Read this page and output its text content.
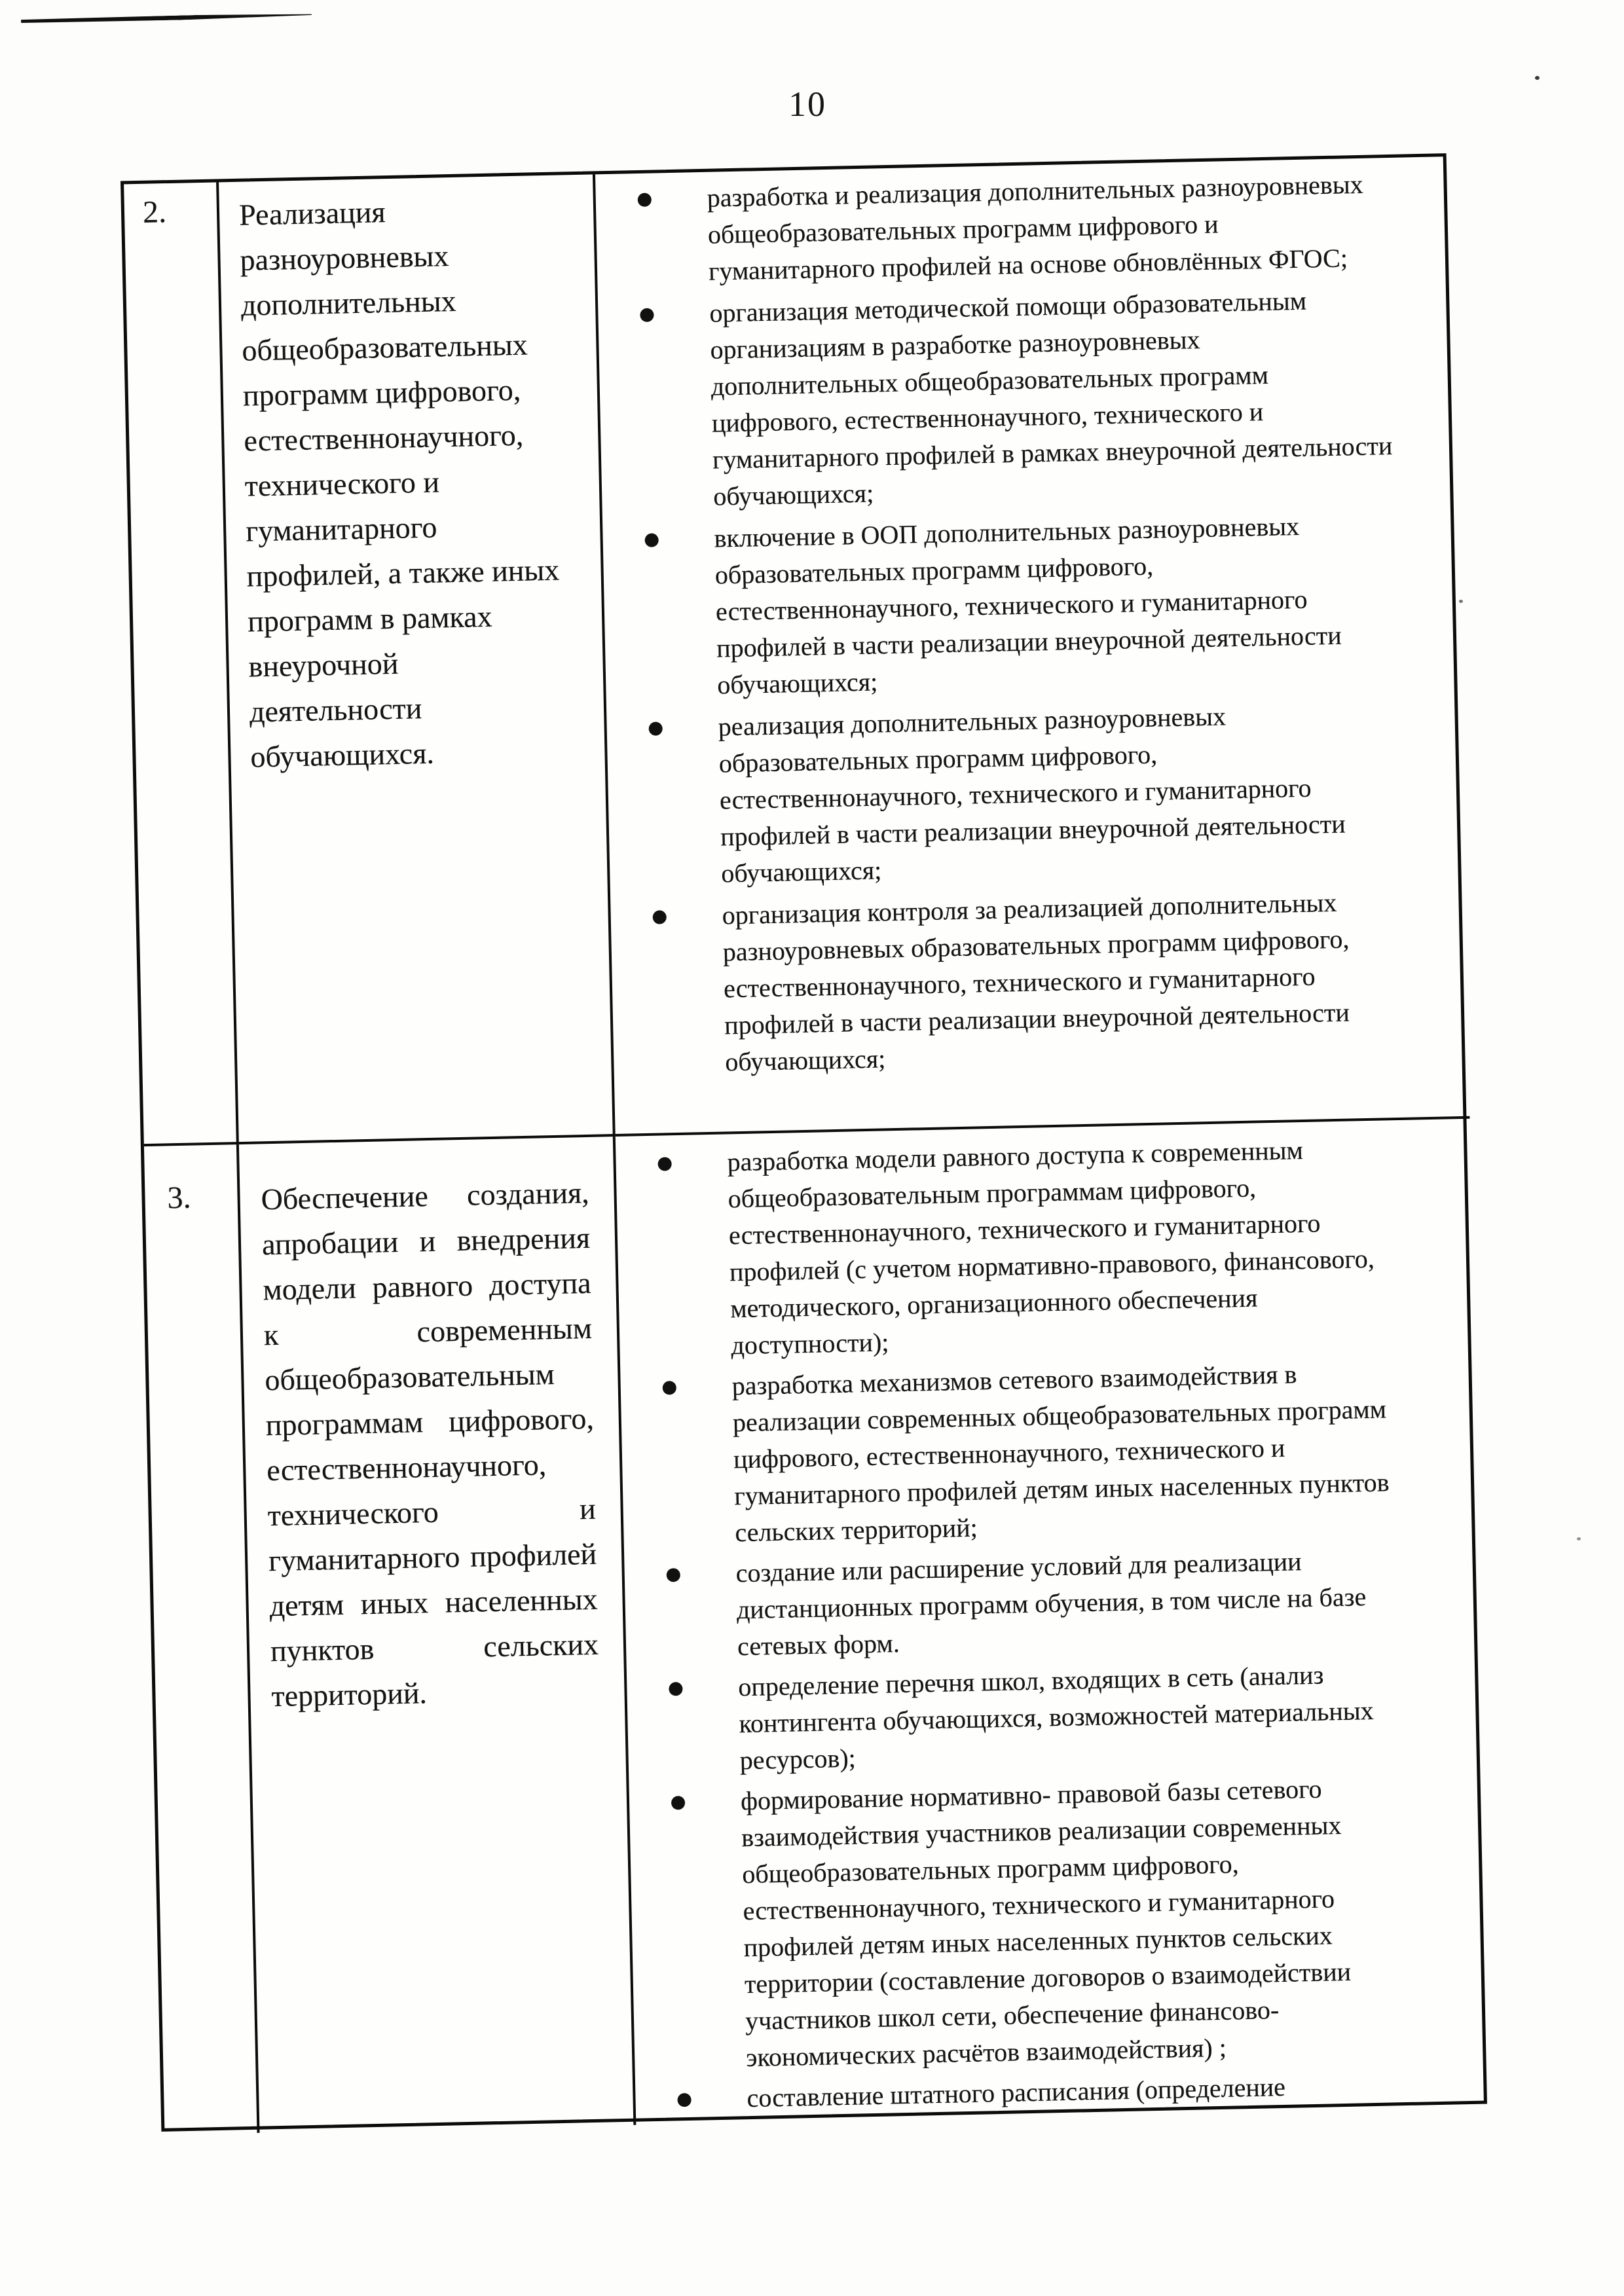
10
2.	Реализация разноуровневых дополнительных общеобразовательных программ цифрового, естественнонаучного, технического и гуманитарного профилей, а также иных программ в рамках внеурочной деятельности обучающихся.

разработка и реализация дополнительных разноуровневых общеобразовательных программ цифрового и гуманитарного профилей на основе обновлённых ФГОС;
организация методической помощи образовательным организациям в разработке разноуровневых дополнительных общеобразовательных программ цифрового, естественнонаучного, технического и гуманитарного профилей в рамках внеурочной деятельности обучающихся;
включение в ООП дополнительных разноуровневых образовательных программ цифрового, естественнонаучного, технического и гуманитарного профилей в части реализации внеурочной деятельности обучающихся;
реализация дополнительных разноуровневых образовательных программ цифрового, естественнонаучного, технического и гуманитарного профилей в части реализации внеурочной деятельности обучающихся;
организация контроля за реализацией дополнительных разноуровневых образовательных программ цифрового, естественнонаучного, технического и гуманитарного профилей в части реализации внеурочной деятельности обучающихся;
3.	Обеспечение создания, апробации и внедрения модели равного доступа к современным общеобразовательным программам цифрового, естественнонаучного, технического и гуманитарного профилей детям иных населенных пунктов сельских территорий.

разработка модели равного доступа к современным общеобразовательным программам цифрового, естественнонаучного, технического и гуманитарного профилей (с учетом нормативно-правового, финансового, методического, организационного обеспечения доступности);
разработка механизмов сетевого взаимодействия в реализации современных общеобразовательных программ цифрового, естественнонаучного, технического и гуманитарного профилей детям иных населенных пунктов сельских территорий;
создание или расширение условий для реализации дистанционных программ обучения, в том числе на базе сетевых форм.
определение перечня школ, входящих в сеть (анализ контингента обучающихся, возможностей материальных ресурсов);
формирование нормативно- правовой базы сетевого взаимодействия участников реализации современных общеобразовательных программ цифрового, естественнонаучного, технического и гуманитарного профилей детям иных населенных пунктов сельских территории (составление договоров о взаимодействии участников школ сети, обеспечение финансово-экономических расчётов взаимодействия) ;
составление штатного расписания (определение
